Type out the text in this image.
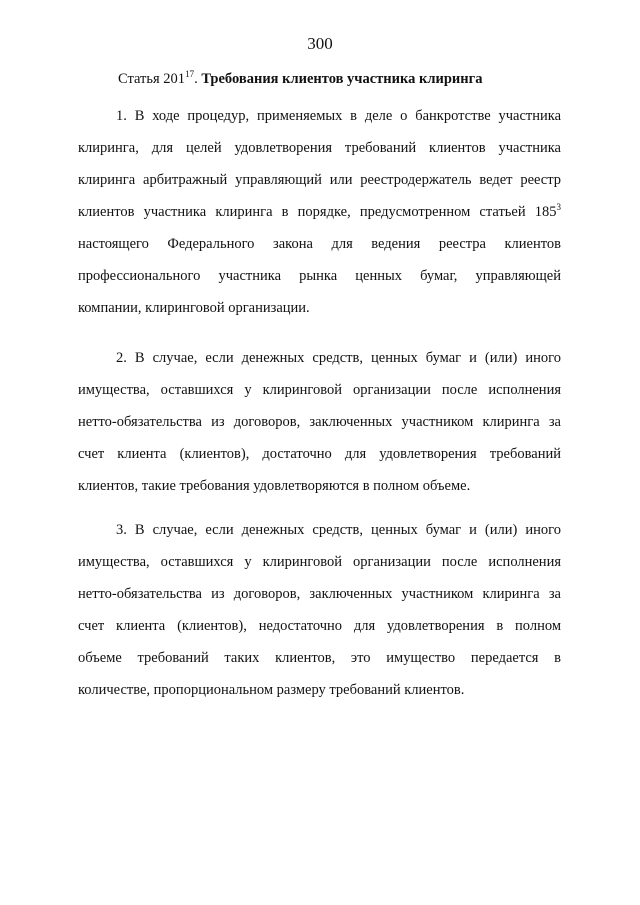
300
Статья $201^{17}$. Требования клиентов участника клиринга
1. В ходе процедур, применяемых в деле о банкротстве участника
клиринга, для целей удовлетворения требований клиентов участника
клиринга арбитражный управляющий или реестродержатель ведет реестр
клиентов участника клиринга в порядке, предусмотренном статьей $185^3$
настоящего Федерального закона для ведения реестра клиентов
профессионального участника рынка ценных бумаг, управляющей
компании, клиринговой организации.
2. В случае, если денежных средств, ценных бумаг и (или) иного
имущества, оставшихся у клиринговой организации после исполнения
нетто-обязательства из договоров, заключенных участником клиринга за
счет клиента (клиентов), достаточно для удовлетворения требований
клиентов, такие требования удовлетворяются в полном объеме.
3. В случае, если денежных средств, ценных бумаг и (или) иного
имущества, оставшихся у клиринговой организации после исполнения
нетто-обязательства из договоров, заключенных участником клиринга за
счет клиента (клиентов), недостаточно для удовлетворения в полном
объеме требований таких клиентов, это имущество передается в
количестве, пропорциональном размеру требований клиентов.
